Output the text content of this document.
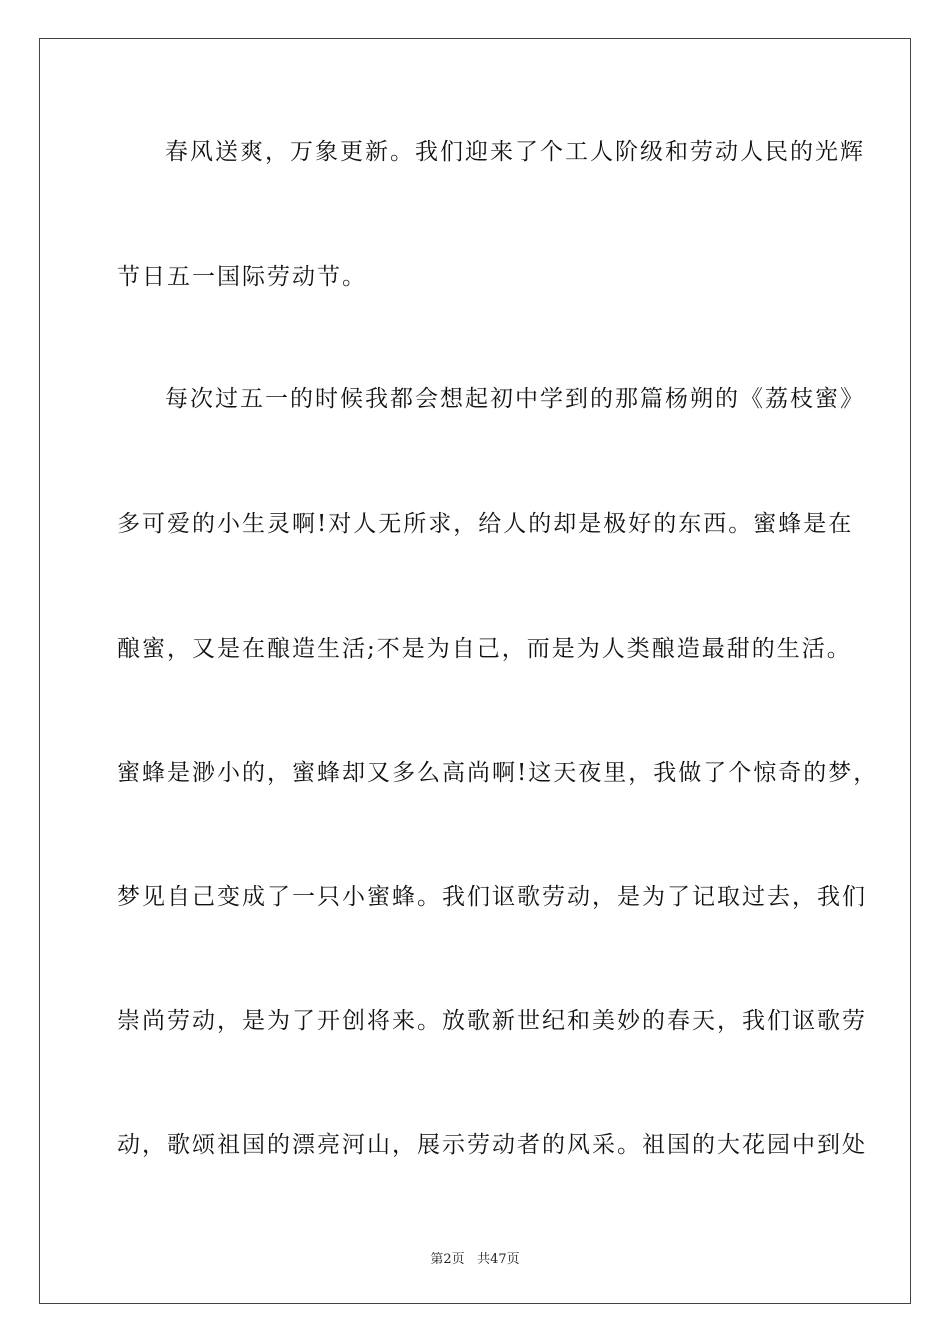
春风送爽，万象更新。我们迎来了个工人阶级和劳动人民的光辉
节日五一国际劳动节。
每次过五一的时候我都会想起初中学到的那篇杨朔的《荔枝蜜》
多可爱的小生灵啊!对人无所求，给人的却是极好的东西。蜜蜂是在
酿蜜，又是在酿造生活;不是为自己，而是为人类酿造最甜的生活。
蜜蜂是渺小的，蜜蜂却又多么高尚啊!这天夜里，我做了个惊奇的梦，
梦见自己变成了一只小蜜蜂。我们讴歌劳动，是为了记取过去，我们
崇尚劳动，是为了开创将来。放歌新世纪和美妙的春天，我们讴歌劳
动，歌颂祖国的漂亮河山，展示劳动者的风采。祖国的大花园中到处
第2页 共47页
